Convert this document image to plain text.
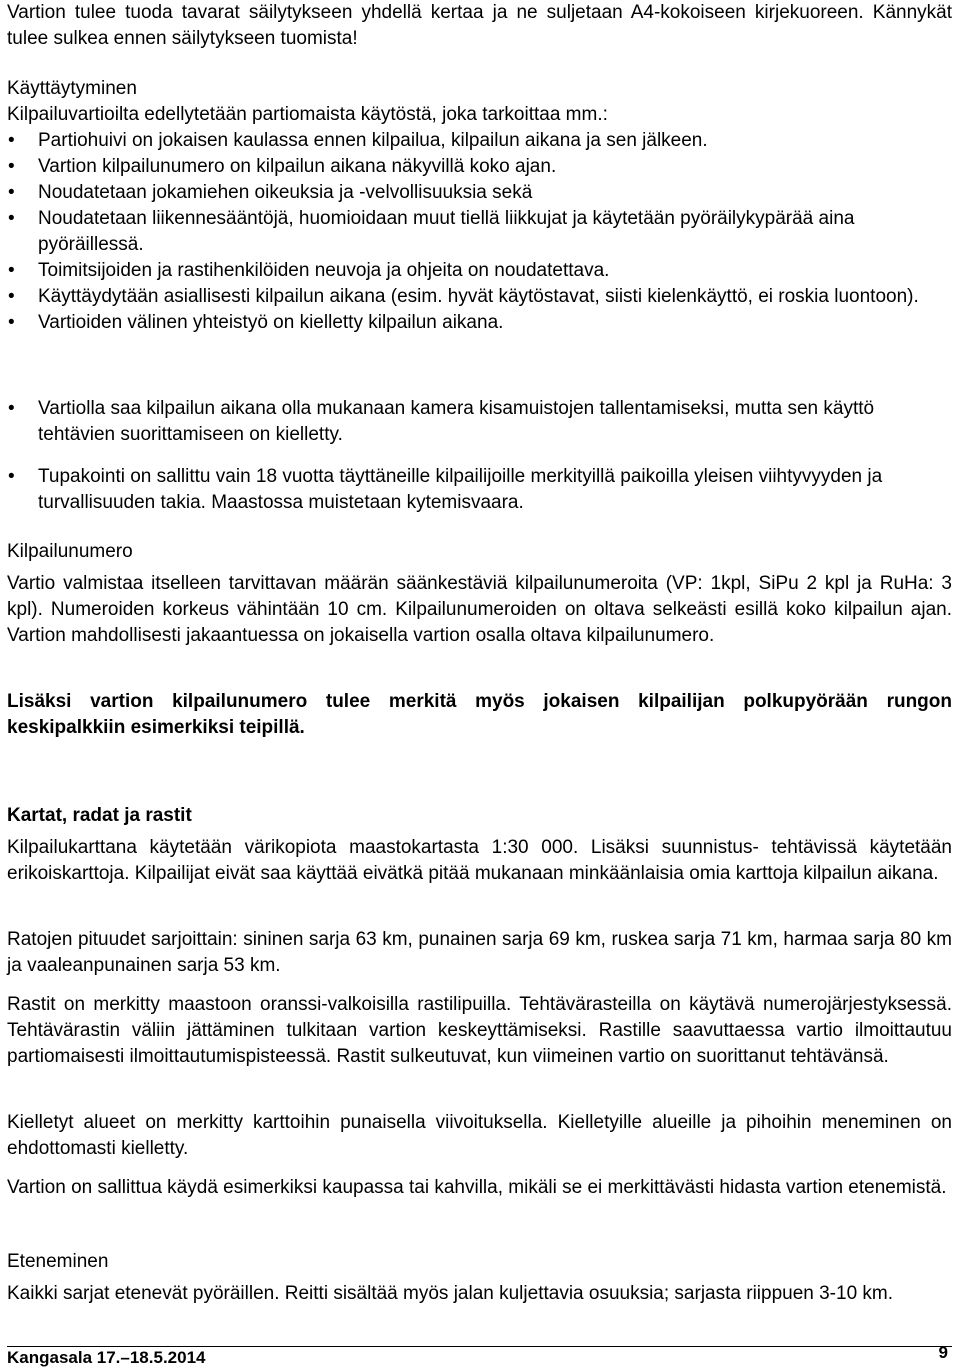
Vartion tulee tuoda tavarat säilytykseen yhdellä kertaa ja ne suljetaan A4-kokoiseen kirjekuoreen. Kännykät tulee sulkea ennen säilytykseen tuomista!

Käyttäytyminen

Kilpailuvartioilta edellytetään partiomaista käytöstä, joka tarkoittaa mm.:

• Partiohuivi on jokaisen kaulassa ennen kilpailua, kilpailun aikana ja sen jälkeen.
• Vartion kilpailunumero on kilpailun aikana näkyvillä koko ajan.
• Noudatetaan jokamiehen oikeuksia ja -velvollisuuksia sekä
• Noudatetaan liikennesääntöjä, huomioidaan muut tiellä liikkujat ja käytetään pyöräilykypärää aina pyöräillessä.
• Toimitsijoiden ja rastihenkilöiden neuvoja ja ohjeita on noudatettava.
• Käyttäydytään asiallisesti kilpailun aikana (esim. hyvät käytöstavat, siisti kielenkäyttö, ei roskia luontoon).
• Vartioiden välinen yhteistyö on kielletty kilpailun aikana.
• Vartiolla saa kilpailun aikana olla mukanaan kamera kisamuistojen tallentamiseksi, mutta sen käyttö tehtävien suorittamiseen on kielletty.
• Tupakointi on sallittu vain 18 vuotta täyttäneille kilpailijoille merkityillä paikoilla yleisen viihtyvyyden ja turvallisuuden takia. Maastossa muistetaan kytemisvaara.

Kilpailunumero

Vartio valmistaa itselleen tarvittavan määrän säänkestäviä kilpailunumeroita (VP: 1kpl, SiPu 2 kpl ja RuHa: 3 kpl). Numeroiden korkeus vähintään 10 cm. Kilpailunumeroiden on oltava selkeästi esillä koko kilpailun ajan. Vartion mahdollisesti jakaantuessa on jokaisella vartion osalla oltava kilpailunumero.

Lisäksi vartion kilpailunumero tulee merkitä myös jokaisen kilpailijan polkupyörään rungon keskipalkkiin esimerkiksi teipillä.

Kartat, radat ja rastit

Kilpailukarttana käytetään värikopiota maastokartasta 1:30 000. Lisäksi suunnistus- tehtävissä käytetään erikoiskarttoja. Kilpailijat eivät saa käyttää eivätkä pitää mukanaan minkäänlaisia omia karttoja kilpailun aikana.

Ratojen pituudet sarjoittain: sininen sarja 63 km, punainen sarja 69 km, ruskea sarja 71 km, harmaa sarja 80 km ja vaaleanpunainen sarja 53 km.

Rastit on merkitty maastoon oranssi-valkoisilla rastilipuilla. Tehtävärasteilla on käytävä numerojärjestyksessä. Tehtävärastin väliin jättäminen tulkitaan vartion keskeyttämiseksi. Rastille saavuttaessa vartio ilmoittautuu partiomaisesti ilmoittautumispisteessä. Rastit sulkeutuvat, kun viimeinen vartio on suorittanut tehtävänsä.

Kielletyt alueet on merkitty karttoihin punaisella viivoituksella. Kielletyille alueille ja pihoihin meneminen on ehdottomasti kielletty.

Vartion on sallittua käydä esimerkiksi kaupassa tai kahvilla, mikäli se ei merkittävästi hidasta vartion etenemistä.

Eteneminen

Kaikki sarjat etenevät pyöräillen. Reitti sisältää myös jalan kuljettavia osuuksia; sarjasta riippuen 3-10 km.

Kangasala 17.–18.5.2014	9
